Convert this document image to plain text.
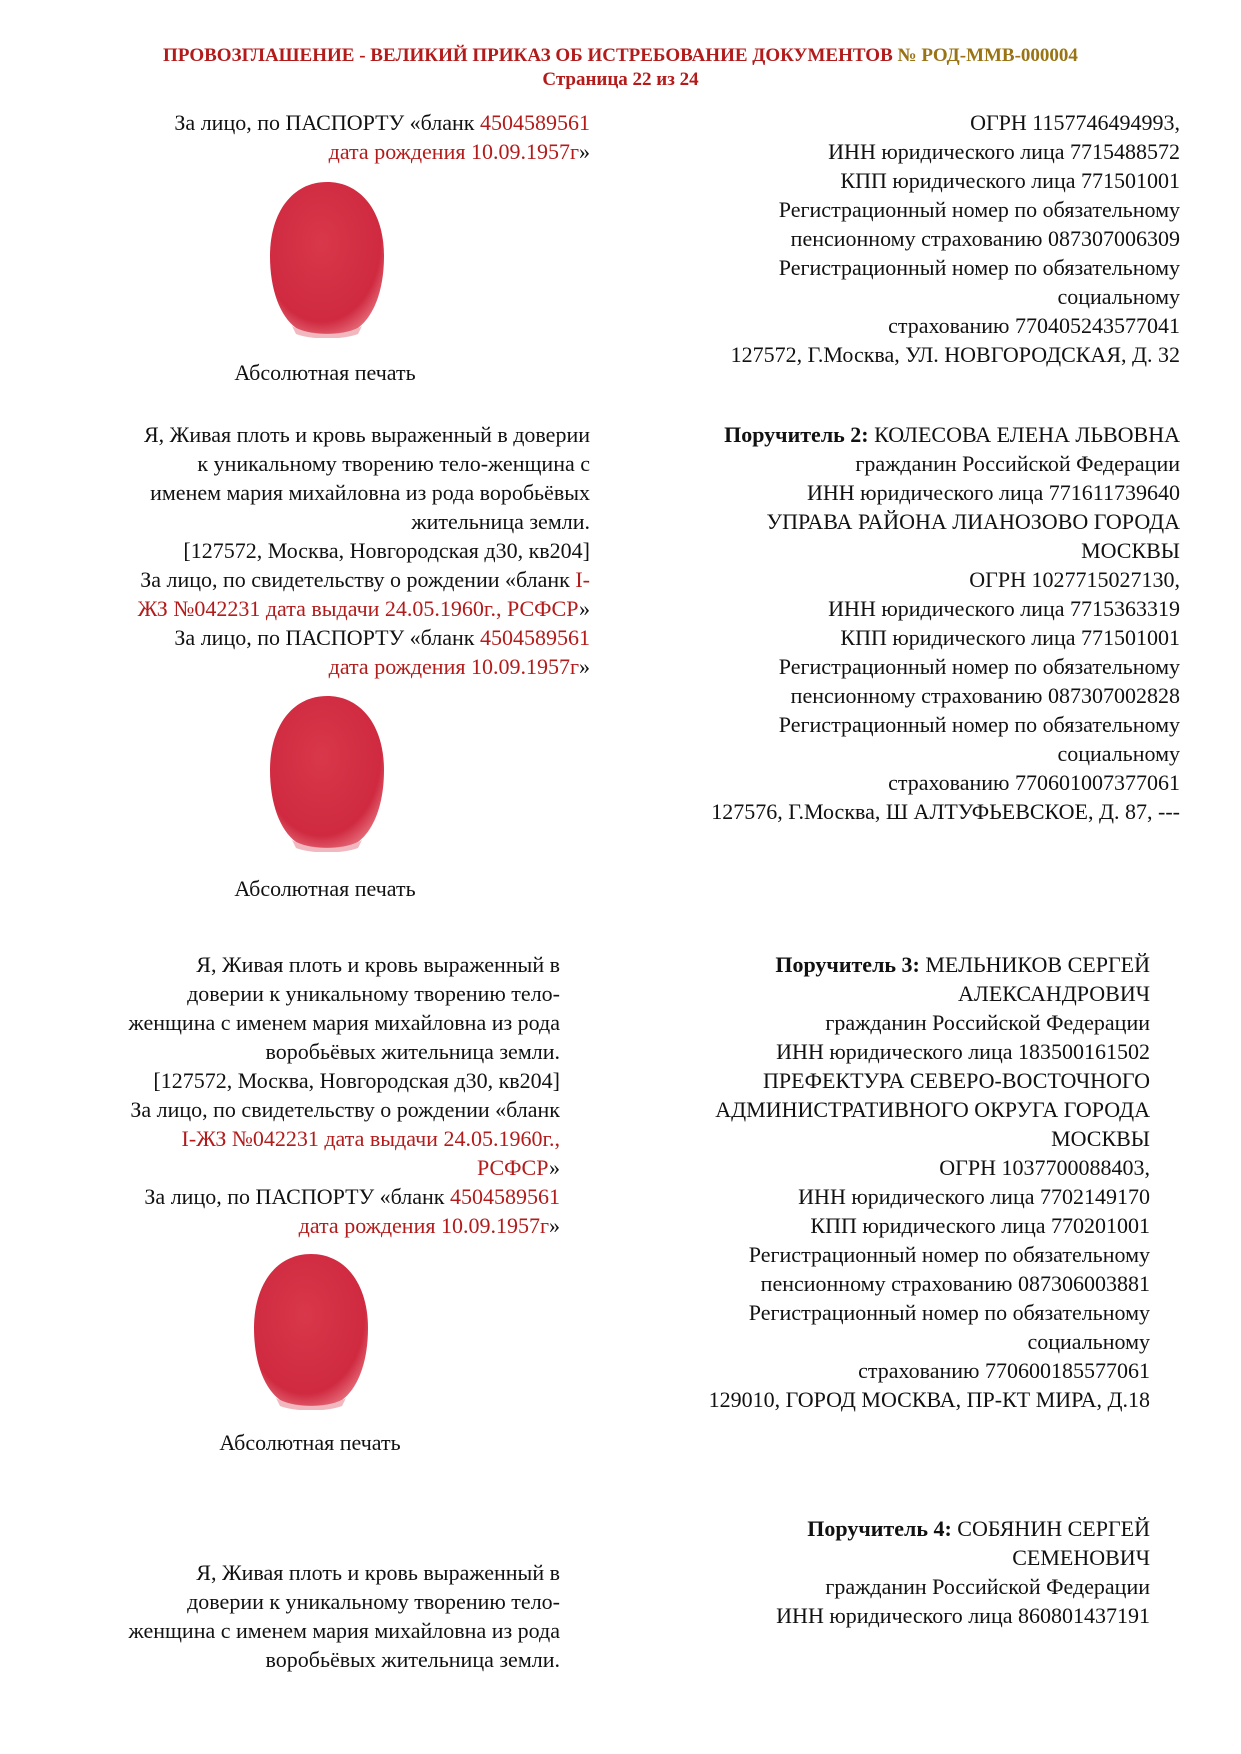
ПРОВОЗГЛАШЕНИЕ - ВЕЛИКИЙ ПРИКАЗ ОБ ИСТРЕБОВАНИЕ ДОКУМЕНТОВ № РОД-ММВ-000004
Страница 22 из 24

За лицо, по ПАСПОРТУ «бланк 4504589561

дата рождения 10.09.1957г»

Абсолютная печать

ОГРН 1157746494993,

ИНН юридического лица 7715488572

КПП юридического лица 771501001

Регистрационный номер по обязательному

пенсионному страхованию 087307006309

Регистрационный номер по обязательному

социальному

страхованию 770405243577041

127572, Г.Москва, УЛ. НОВГОРОДСКАЯ, Д. 32

Я, Живая плоть и кровь выраженный в доверии

к уникальному творению тело-женщина с

именем мария михайловна из рода воробьёвых

жительница земли.

[127572, Москва, Новгородская д30, кв204]

За лицо, по свидетельству о рождении «бланк I-

ЖЗ №042231 дата выдачи 24.05.1960г., РСФСР»

За лицо, по ПАСПОРТУ «бланк 4504589561

дата рождения 10.09.1957г»

Абсолютная печать

Поручитель 2: КОЛЕСОВА ЕЛЕНА ЛЬВОВНА

гражданин Российской Федерации

ИНН юридического лица 771611739640

УПРАВА РАЙОНА ЛИАНОЗОВО ГОРОДА

МОСКВЫ

ОГРН 1027715027130,

ИНН юридического лица 7715363319

КПП юридического лица 771501001

Регистрационный номер по обязательному

пенсионному страхованию 087307002828

Регистрационный номер по обязательному

социальному

страхованию 770601007377061

127576, Г.Москва, Ш АЛТУФЬЕВСКОЕ, Д. 87, ---

Я, Живая плоть и кровь выраженный в

доверии к уникальному творению тело-

женщина с именем мария михайловна из рода

воробьёвых жительница земли.

[127572, Москва, Новгородская д30, кв204]

За лицо, по свидетельству о рождении «бланк

I-ЖЗ №042231 дата выдачи 24.05.1960г.,

РСФСР»

За лицо, по ПАСПОРТУ «бланк 4504589561

дата рождения 10.09.1957г»

Абсолютная печать

Поручитель 3: МЕЛЬНИКОВ СЕРГЕЙ

АЛЕКСАНДРОВИЧ

гражданин Российской Федерации

ИНН юридического лица 183500161502

ПРЕФЕКТУРА СЕВЕРО-ВОСТОЧНОГО

АДМИНИСТРАТИВНОГО ОКРУГА ГОРОДА

МОСКВЫ

ОГРН 1037700088403,

ИНН юридического лица 7702149170

КПП юридического лица 770201001

Регистрационный номер по обязательному

пенсионному страхованию 087306003881

Регистрационный номер по обязательному

социальному

страхованию 770600185577061

129010, ГОРОД МОСКВА, ПР-КТ МИРА, Д.18

Я, Живая плоть и кровь выраженный в

доверии к уникальному творению тело-

женщина с именем мария михайловна из рода

воробьёвых жительница земли.

Поручитель 4: СОБЯНИН СЕРГЕЙ

СЕМЕНОВИЧ

гражданин Российской Федерации

ИНН юридического лица 860801437191
